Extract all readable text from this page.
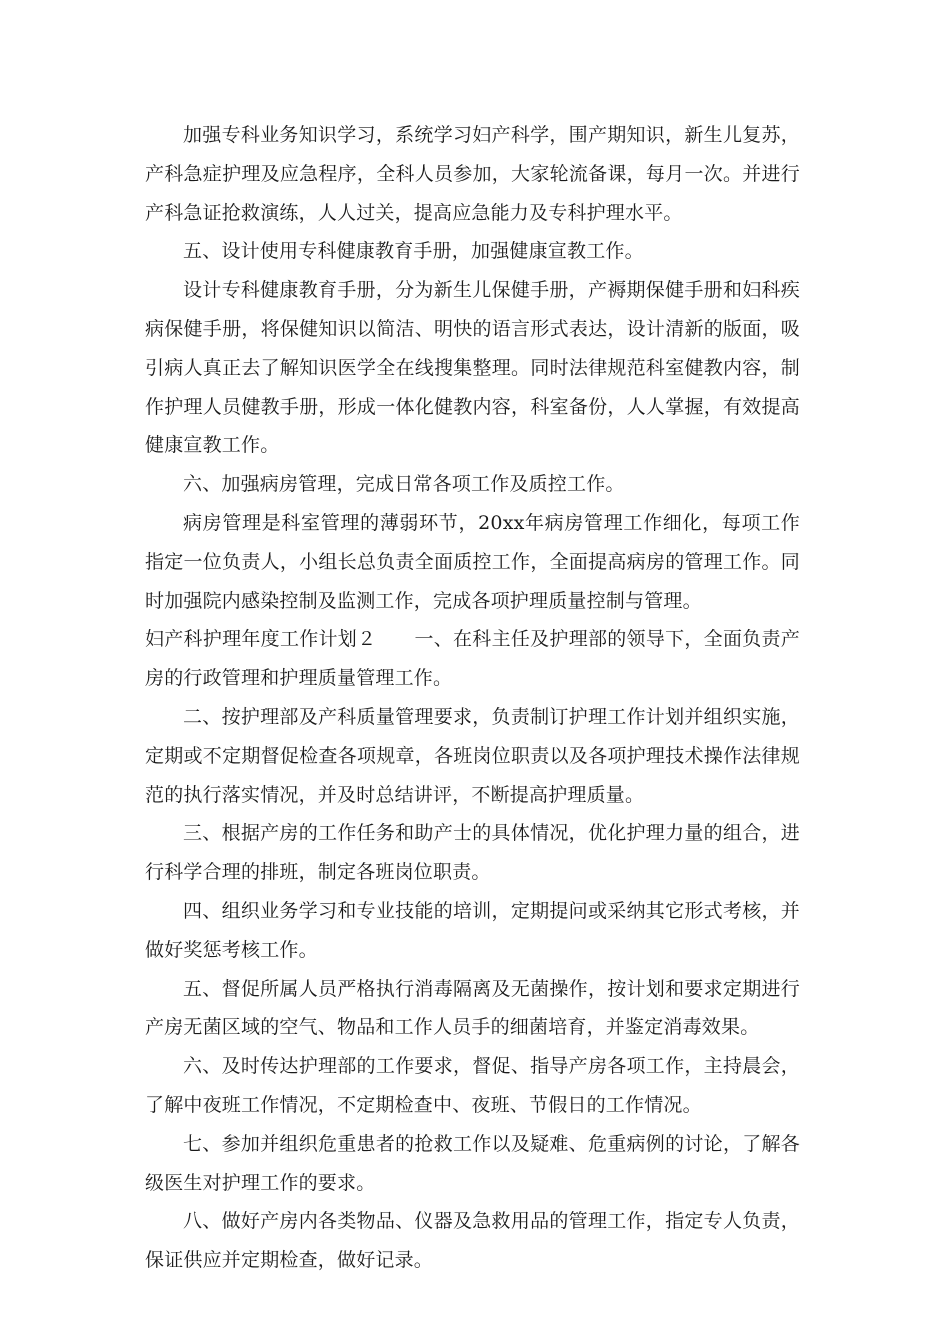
加强专科业务知识学习，系统学习妇产科学，围产期知识，新生儿复苏，产科急症护理及应急程序，全科人员参加，大家轮流备课，每月一次。并进行产科急证抢救演练，人人过关，提高应急能力及专科护理水平。

五、设计使用专科健康教育手册，加强健康宣教工作。

设计专科健康教育手册，分为新生儿保健手册，产褥期保健手册和妇科疾病保健手册，将保健知识以简洁、明快的语言形式表达，设计清新的版面，吸引病人真正去了解知识医学全在线搜集整理。同时法律规范科室健教内容，制作护理人员健教手册，形成一体化健教内容，科室备份，人人掌握，有效提高健康宣教工作。

六、加强病房管理，完成日常各项工作及质控工作。

病房管理是科室管理的薄弱环节，20xx年病房管理工作细化，每项工作指定一位负责人，小组长总负责全面质控工作，全面提高病房的管理工作。同时加强院内感染控制及监测工作，完成各项护理质量控制与管理。

妇产科护理年度工作计划２ 一、在科主任及护理部的领导下，全面负责产房的行政管理和护理质量管理工作。

二、按护理部及产科质量管理要求，负责制订护理工作计划并组织实施，定期或不定期督促检查各项规章，各班岗位职责以及各项护理技术操作法律规范的执行落实情况，并及时总结讲评，不断提高护理质量。

三、根据产房的工作任务和助产士的具体情况，优化护理力量的组合，进行科学合理的排班，制定各班岗位职责。

四、组织业务学习和专业技能的培训，定期提问或采纳其它形式考核，并做好奖惩考核工作。

五、督促所属人员严格执行消毒隔离及无菌操作，按计划和要求定期进行产房无菌区域的空气、物品和工作人员手的细菌培育，并鉴定消毒效果。

六、及时传达护理部的工作要求，督促、指导产房各项工作，主持晨会，了解中夜班工作情况，不定期检查中、夜班、节假日的工作情况。

七、参加并组织危重患者的抢救工作以及疑难、危重病例的讨论，了解各级医生对护理工作的要求。

八、做好产房内各类物品、仪器及急救用品的管理工作，指定专人负责，保证供应并定期检查，做好记录。
